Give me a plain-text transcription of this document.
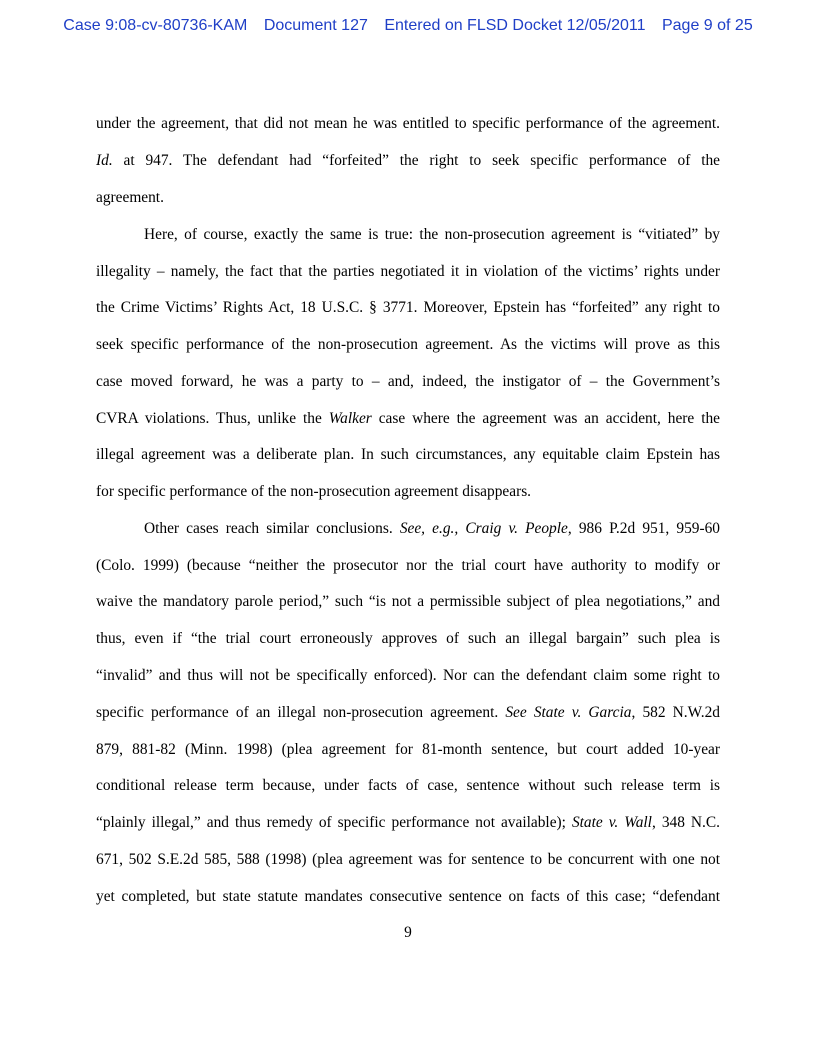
Case 9:08-cv-80736-KAM Document 127 Entered on FLSD Docket 12/05/2011 Page 9 of 25
under the agreement, that did not mean he was entitled to specific performance of the agreement.
Id. at 947. The defendant had “forfeited” the right to seek specific performance of the
agreement.
Here, of course, exactly the same is true: the non-prosecution agreement is “vitiated” by
illegality – namely, the fact that the parties negotiated it in violation of the victims’ rights under
the Crime Victims’ Rights Act, 18 U.S.C. § 3771. Moreover, Epstein has “forfeited” any right to
seek specific performance of the non-prosecution agreement. As the victims will prove as this
case moved forward, he was a party to – and, indeed, the instigator of – the Government’s
CVRA violations. Thus, unlike the Walker case where the agreement was an accident, here the
illegal agreement was a deliberate plan. In such circumstances, any equitable claim Epstein has
for specific performance of the non-prosecution agreement disappears.
Other cases reach similar conclusions. See, e.g., Craig v. People, 986 P.2d 951, 959-60
(Colo. 1999) (because “neither the prosecutor nor the trial court have authority to modify or
waive the mandatory parole period,” such “is not a permissible subject of plea negotiations,” and
thus, even if “the trial court erroneously approves of such an illegal bargain” such plea is
“invalid” and thus will not be specifically enforced). Nor can the defendant claim some right to
specific performance of an illegal non-prosecution agreement. See State v. Garcia, 582 N.W.2d
879, 881-82 (Minn. 1998) (plea agreement for 81-month sentence, but court added 10-year
conditional release term because, under facts of case, sentence without such release term is
“plainly illegal,” and thus remedy of specific performance not available); State v. Wall, 348 N.C.
671, 502 S.E.2d 585, 588 (1998) (plea agreement was for sentence to be concurrent with one not
yet completed, but state statute mandates consecutive sentence on facts of this case; “defendant
9
